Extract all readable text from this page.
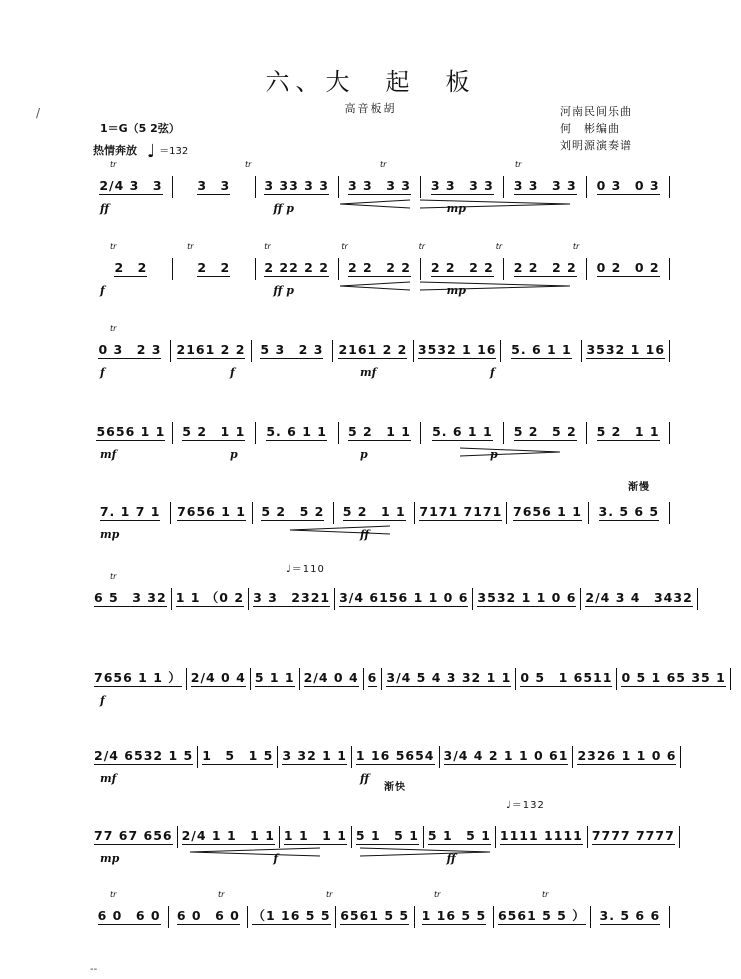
/
六、大　起　板
高音板胡	河南民间乐曲
何　彬编曲
刘明源演奏谱
1＝G（5 2弦）
热情奔放 ♩ ＝132
渐慢
♩＝110
渐快
♩＝132
tr	tr	tr	tr
2/4 3　3	3　3	3 33 3 3 3 3　3 3 3 3　3 3 3 3　3 3 0 3　0 3
ff	ff p	mp
tr	tr	tr	tr	tr	tr	tr
2　2	2　2	2 22 2 2 2 2　2 2 2 2　2 2 2 2　2 2 0 2　0 2
f	ff p	mp
tr
0 3　2 3 2161 2 2 5 3　2 3 2161 2 2 3532 1 16 5. 6 1 1 3532 1 16
f	f	mf	f
5656 1 1 5 2　1 1 5. 6 1 1 5 2　1 1 5. 6 1 1 5 2　5 2 5 2　1 1
mf	p	p	p
7. 1 7 1 7656 1 1 5 2　5 2 5 2　1 1 7171 7171 7656 1 1 3. 5 6 5
mp	ff
tr
6 5　3 32 1 1 （0 2 3 3　2321 3/4 6156 1 1 0 6 3532 1 1 0 6 2/4 3 4　3432
7656 1 1 ） 2/4 0 4 5 1 1 2/4 0 4 6 3/4 5 4 3 32 1 1 0 5　1 6511 0 5 1 65 35 1
f
2/4 6532 1 5 1　5　1 5 3 32 1 1 1 16 5654 3/4 4 2 1 1 0 61 2326 1 1 0 6
mf	ff
77 67 656 2/4 1 1　1 1 1 1　1 1 5 1　5 1 5 1　5 1 1111 1111 7777 7777
mp	f	ff
tr	tr	tr	tr	tr
6 0　6 0 6 0　6 0 （1 16 5 5 6561 5 5 1 16 5 5 6561 5 5 ） 3. 5 6 6
--
